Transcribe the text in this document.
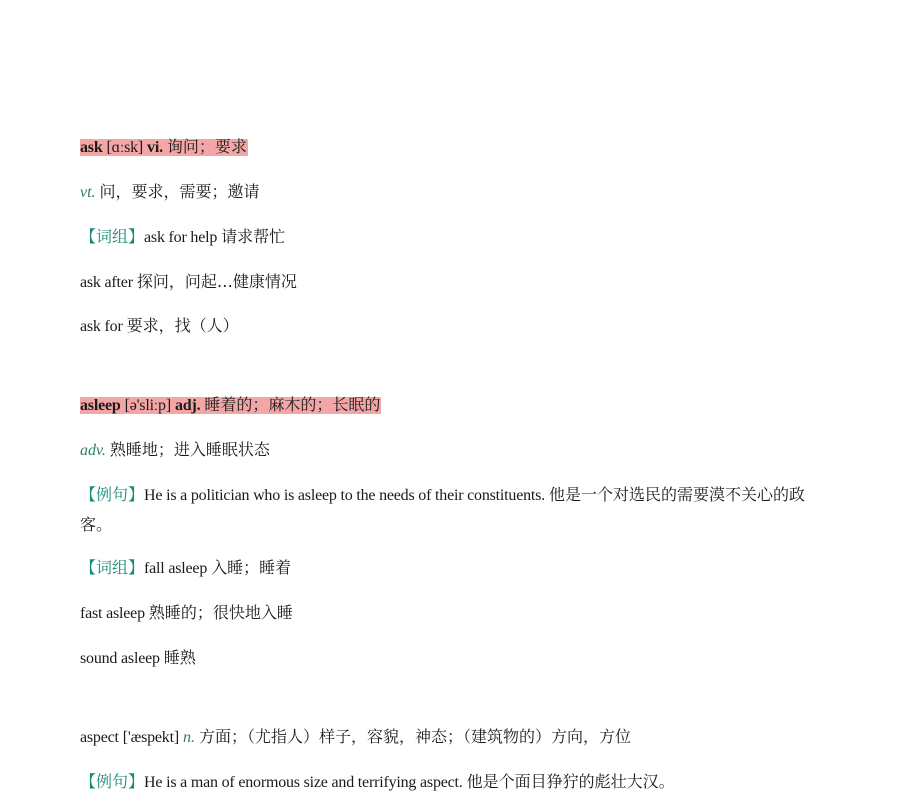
ask [ɑːsk] vi. 询问；要求
vt. 问，要求，需要；邀请
【词组】ask for help 请求帮忙
ask after 探问，问起…健康情况
ask for 要求，找（人）
asleep [ə'sliːp] adj. 睡着的；麻木的；长眠的
adv. 熟睡地；进入睡眠状态
【例句】He is a politician who is asleep to the needs of their constituents. 他是一个对选民的需要漠不关心的政客。
【词组】fall asleep 入睡；睡着
fast asleep 熟睡的；很快地入睡
sound asleep 睡熟
aspect ['æspekt] n. 方面；（尤指人）样子，容貌，神态；（建筑物的）方向，方位
【例句】He is a man of enormous size and terrifying aspect. 他是个面目狰狞的彪壮大汉。
